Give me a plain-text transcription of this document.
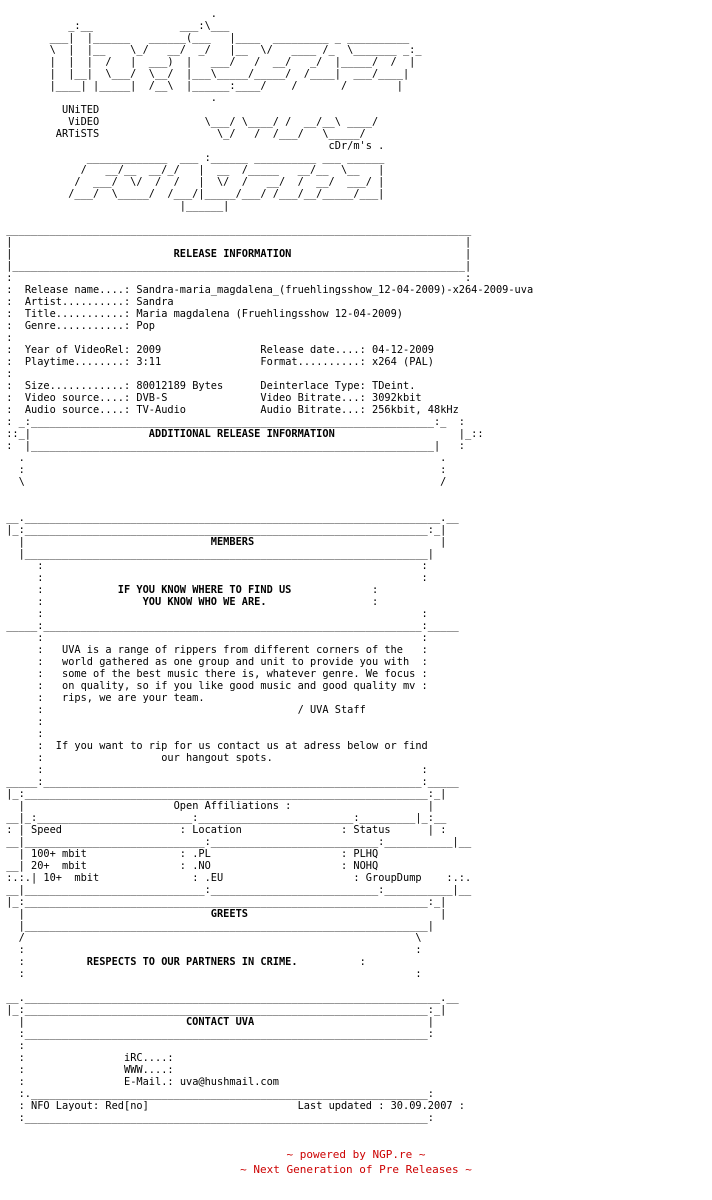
.
_:__              ___:\___
___|  |______   ______(___   |____  _________ _ __________
\  |  |__    \_/   __/  _/   |__  \/   ____ /_  \_______ _:_
|  |  |  /   |  ___)  |   ___/   /  __/   _/  |_____/  /  |
|  |__|  \___/  \__/  |___\_____/_____/  /____|  ___/____|
|____| |_____|  /__\  |______:____/    /       /        |
.
UNiTED
ViDEO                 \___/ \____/ /  __/__\ ____/
ARTiSTS                   \_/   /  /___/   \_____/
cDr/m's .
_____________  ___ :______ __________ ___ ______
/   __/__  __/_/   |  __  /_____   __/__  \__   |
/  ___/  \/  /  /   |  \/  /   __/  /  __/  ___/ |
/___/  \_____/  /___/|_____/___/ /___/__/_____/___|
|______|

___________________________________________________________________________
|                                                                         |
|	RELEASE INFORMATION	|
|_________________________________________________________________________|
:                                                                         :
:  Release name....: Sandra-maria_magdalena_(fruehlingsshow_12-04-2009)-x264-2009-uva
:  Artist..........: Sandra
:  Title...........: Maria magdalena (Fruehlingsshow 12-04-2009)
:  Genre...........: Pop
:
:  Year of VideoRel: 2009	Release date....: 04-12-2009
:  Playtime........: 3:11	Format..........: x264 (PAL)
:
:  Size............: 80012189 Bytes	Deinterlace Type: TDeint.
:  Video source....: DVB-S	Video Bitrate...: 3092kbit
:  Audio source....: TV-Audio	Audio Bitrate...: 256kbit, 48kHz
: _:_________________________________________________________________:_  :
::_|	ADDITIONAL RELEASE INFORMATION	|_::
:  |_________________________________________________________________|   :
.                                                                   .
:                                                                   :
\                                                                   /

__.___________________________________________________________________.__
|_:_________________________________________________________________:_|
|	MEMBERS	|
|_________________________________________________________________|
:                                                             :
:                                                             :
:	IF YOU KNOW WHERE TO FIND US	:
:	YOU KNOW WHO WE ARE.	:
:                                                             :
_____:_____________________________________________________________:_____
:                                                             :
:   UVA is a range of rippers from different corners of the   :
:   world gathered as one group and unit to provide you with  :
:   some of the best music there is, whatever genre. We focus :
:   on quality, so if you like good music and good quality mv :
:   rips, we are your team.
:	/ UVA Staff
:
:
:  If you want to rip for us contact us at adress below or find
:	our hangout spots.
:                                                             :
_____:_____________________________________________________________:_____
|_:_________________________________________________________________:_|
|	Open Affiliations :	|
__|_:_________________________:_________________________:_________|_:__
: | Speed                   : Location                : Status	| :
__|_____________________________:___________________________:___________|__
| 100+ mbit               : .PL                     : PLHQ
__| 20+  mbit               : .NO                     : NOHQ
:.:.| 10+  mbit               : .EU                     : GroupDump    :.:.
__|_____________________________:___________________________:___________|__
|_:_________________________________________________________________:_|
|	GREETS	|
|_________________________________________________________________|
/                                                               \
:                                                               :
:	RESPECTS TO OUR PARTNERS IN CRIME.	:
:                                                               :

__.___________________________________________________________________.__
|_:_________________________________________________________________:_|
|	CONTACT UVA	|
:_________________________________________________________________:
:
:	iRC....:
:	WWW....:
:	E-Mail.: uva@hushmail.com
:.________________________________________________________________:
: NFO Layout: Red[no]	Last updated : 30.09.2007 :
:_________________________________________________________________:
~ powered by NGP.re ~
~ Next Generation of Pre Releases ~
